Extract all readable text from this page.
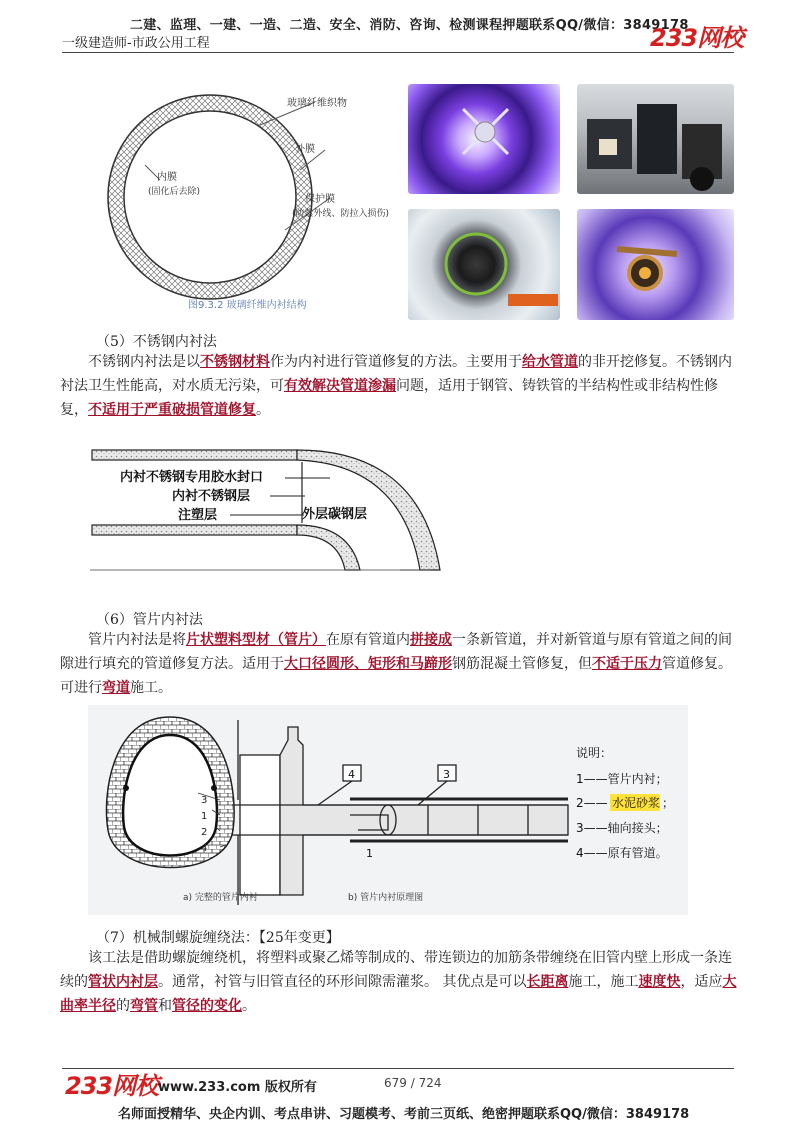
二建、监理、一建、一造、二造、安全、消防、咨询、检测课程押题联系QQ/微信：3849178
一级建造师-市政公用工程	233网校
玻璃纤维织物
外膜
内膜
(固化后去除)
保护膜
(防紫外线、防拉入损伤)
图9.3.2 玻璃纤维内衬结构
（5）不锈钢内衬法
不锈钢内衬法是以不锈钢材料作为内衬进行管道修复的方法。主要用于给水管道的非开挖修复。不锈钢内衬法卫生性能高，对水质无污染，可有效解决管道渗漏问题，适用于钢管、铸铁管的半结构性或非结构性修复，不适用于严重破损管道修复。
内衬不锈钢专用胶水封口
内衬不锈钢层
注塑层	外层碳钢层
（6）管片内衬法
管片内衬法是将片状塑料型材（管片）在原有管道内拼接成一条新管道，并对新管道与原有管道之间的间隙进行填充的管道修复方法。适用于大口径圆形、矩形和马蹄形钢筋混凝土管修复，但不适于压力管道修复。可进行弯道施工。
3
1
2
4
4	3
1
说明：
1——管片内衬；
2—— 水泥砂浆 ；
3——轴向接头；
4——原有管道。
a) 完整的管片内衬	b) 管片内衬原理图
（7）机械制螺旋缠绕法：【25年变更】
该工法是借助螺旋缠绕机，将塑料或聚乙烯等制成的、带连锁边的加筋条带缠绕在旧管内壁上形成一条连续的管状内衬层。通常，衬管与旧管直径的环形间隙需灌浆。 其优点是可以长距离施工，施工速度快，适应大曲率半径的弯管和管径的变化。
233网校 www.233.com 版权所有	679 / 724
名师面授精华、央企内训、考点串讲、习题模考、考前三页纸、绝密押题联系QQ/微信：3849178
